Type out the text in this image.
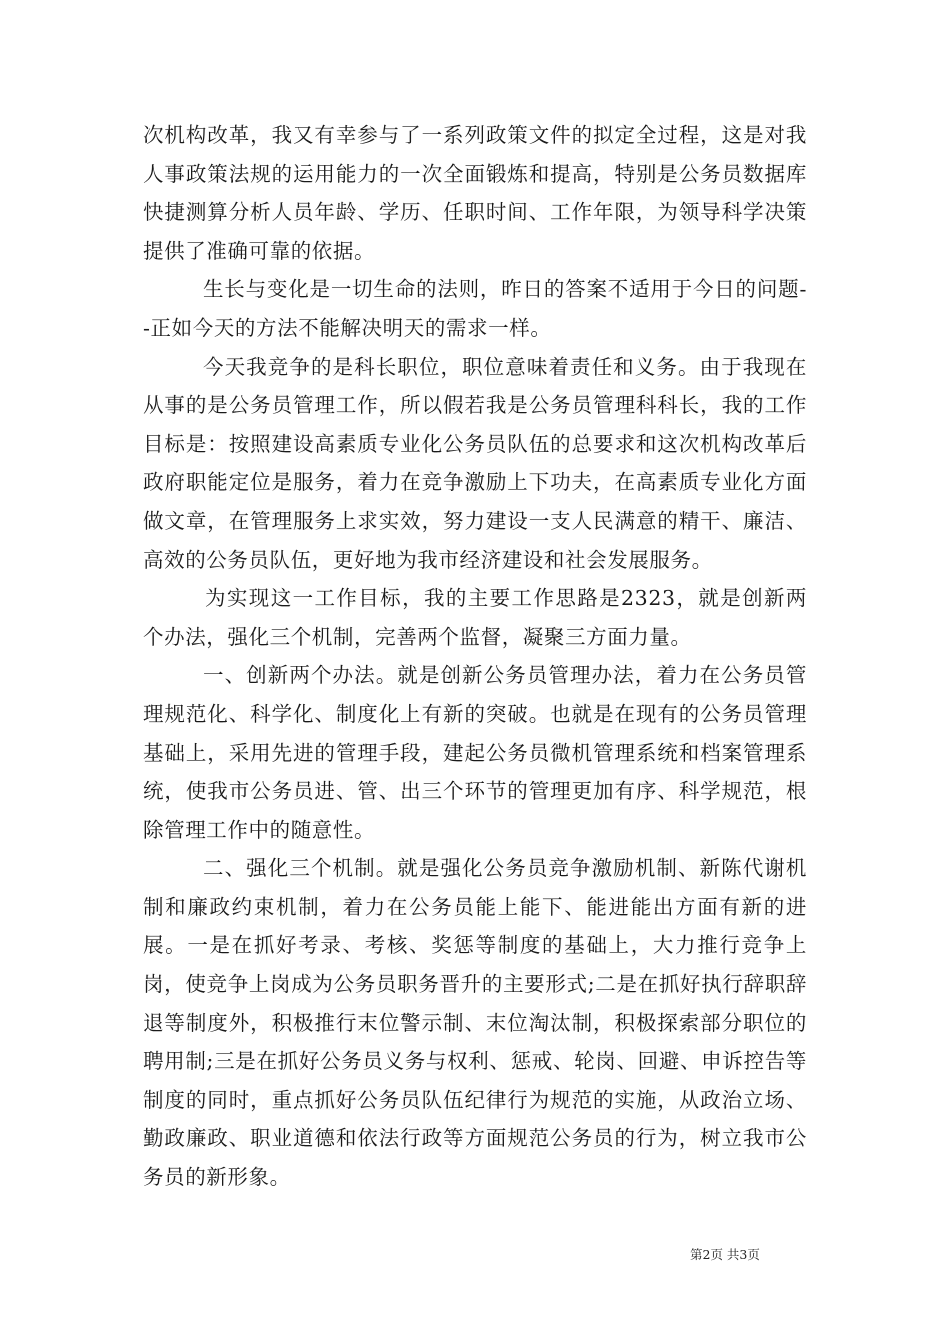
次机构改革，我又有幸参与了一系列政策文件的拟定全过程，这是对我人事政策法规的运用能力的一次全面锻炼和提高，特别是公务员数据库快捷测算分析人员年龄、学历、任职时间、工作年限，为领导科学决策提供了准确可靠的依据。

生长与变化是一切生命的法则，昨日的答案不适用于今日的问题--正如今天的方法不能解决明天的需求一样。

今天我竞争的是科长职位，职位意味着责任和义务。由于我现在从事的是公务员管理工作，所以假若我是公务员管理科科长，我的工作目标是：按照建设高素质专业化公务员队伍的总要求和这次机构改革后政府职能定位是服务，着力在竞争激励上下功夫，在高素质专业化方面做文章，在管理服务上求实效，努力建设一支人民满意的精干、廉洁、高效的公务员队伍，更好地为我市经济建设和社会发展服务。

为实现这一工作目标，我的主要工作思路是2323，就是创新两个办法，强化三个机制，完善两个监督，凝聚三方面力量。

一、创新两个办法。就是创新公务员管理办法，着力在公务员管理规范化、科学化、制度化上有新的突破。也就是在现有的公务员管理基础上，采用先进的管理手段，建起公务员微机管理系统和档案管理系统，使我市公务员进、管、出三个环节的管理更加有序、科学规范，根除管理工作中的随意性。

二、强化三个机制。就是强化公务员竞争激励机制、新陈代谢机制和廉政约束机制，着力在公务员能上能下、能进能出方面有新的进展。一是在抓好考录、考核、奖惩等制度的基础上，大力推行竞争上岗，使竞争上岗成为公务员职务晋升的主要形式;二是在抓好执行辞职辞退等制度外，积极推行末位警示制、末位淘汰制，积极探索部分职位的聘用制;三是在抓好公务员义务与权利、惩戒、轮岗、回避、申诉控告等制度的同时，重点抓好公务员队伍纪律行为规范的实施，从政治立场、勤政廉政、职业道德和依法行政等方面规范公务员的行为，树立我市公务员的新形象。

第2页 共3页
